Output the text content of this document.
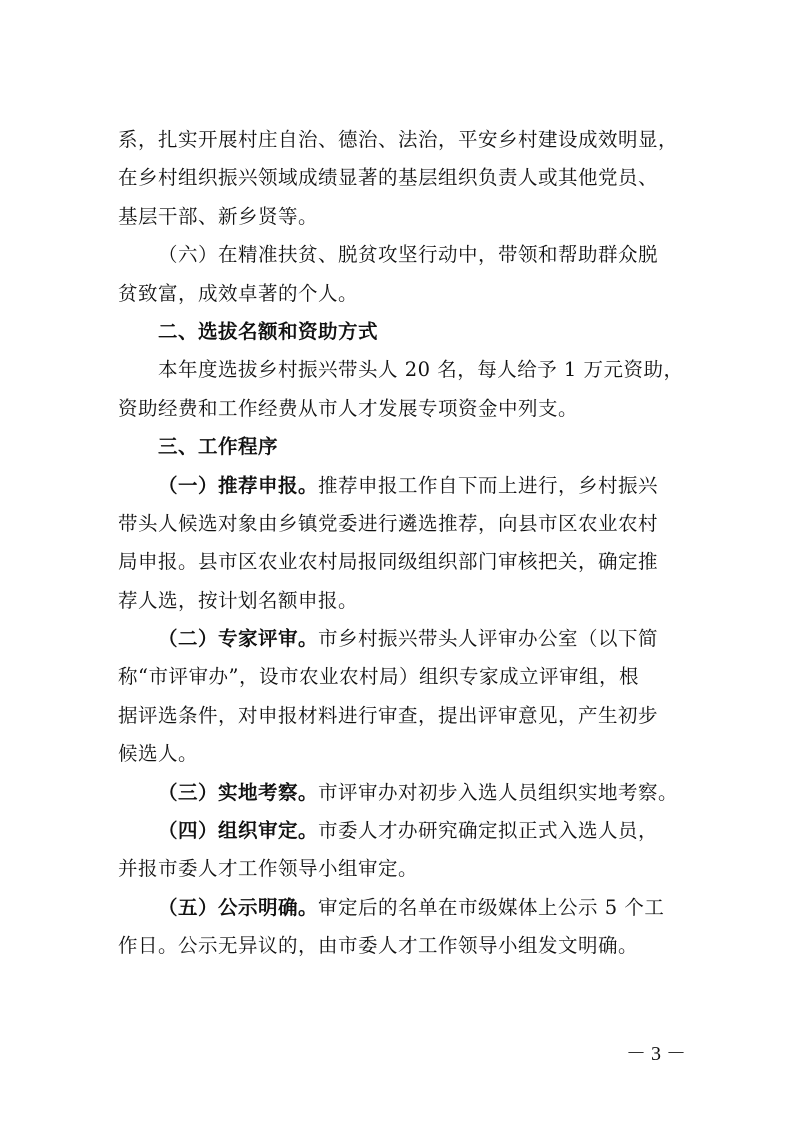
系，扎实开展村庄自治、德治、法治，平安乡村建设成效明显，
在乡村组织振兴领域成绩显著的基层组织负责人或其他党员、
基层干部、新乡贤等。
（六）在精准扶贫、脱贫攻坚行动中，带领和帮助群众脱
贫致富，成效卓著的个人。
二、选拔名额和资助方式
本年度选拔乡村振兴带头人 20 名，每人给予 1 万元资助，
资助经费和工作经费从市人才发展专项资金中列支。
三、工作程序
（一）推荐申报。推荐申报工作自下而上进行，乡村振兴
带头人候选对象由乡镇党委进行遴选推荐，向县市区农业农村
局申报。县市区农业农村局报同级组织部门审核把关，确定推
荐人选，按计划名额申报。
（二）专家评审。市乡村振兴带头人评审办公室（以下简
称“市评审办”，设市农业农村局）组织专家成立评审组，根
据评选条件，对申报材料进行审查，提出评审意见，产生初步
候选人。
（三）实地考察。市评审办对初步入选人员组织实地考察。
（四）组织审定。市委人才办研究确定拟正式入选人员，
并报市委人才工作领导小组审定。
（五）公示明确。审定后的名单在市级媒体上公示 5 个工
作日。公示无异议的，由市委人才工作领导小组发文明确。
－ 3 －
